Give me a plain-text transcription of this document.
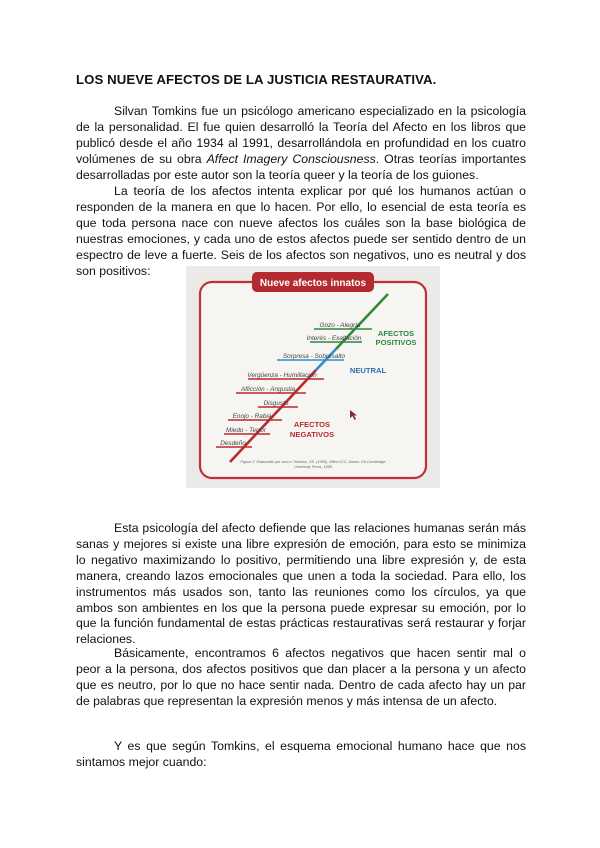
LOS NUEVE AFECTOS DE LA JUSTICIA RESTAURATIVA.

Silvan Tomkins fue un psicólogo americano especializado en la psicología de la personalidad. El fue quien desarrolló la Teoría del Afecto en los libros que publicó desde el año 1934 al 1991, desarrollándola en profundidad en los cuatro volúmenes de su obra Affect Imagery Consciousness. Otras teorías importantes desarrolladas por este autor son la teoría queer y la teoría de los guiones.

La teoría de los afectos intenta explicar por qué los humanos actúan o responden de la manera en que lo hacen. Por ello, lo esencial de esta teoría es que toda persona nace con nueve afectos los cuáles son la base biológica de nuestras emociones, y cada uno de estos afectos puede ser sentido dentro de un espectro de leve a fuerte. Seis de los afectos son negativos, uno es neutral y dos son positivos:

Nueve afectos innatos
Gozo - Alegría
Interés - Exaltación
Sorpresa - Sobresalto
Vergüenza - Humillación
Aflicción - Angustia
Disgusto
Enojo - Rabia
Miedo - Terror
Desdeño
AFECTOS
POSITIVOS
NEUTRAL
AFECTOS
NEGATIVOS
Figura 2. Elaborado por Ivoo e Tomkins, SS. (1995). Affect ICC, Annex. Ed.Cambridge
University Press, 1995

Esta psicología del afecto defiende que las relaciones humanas serán más sanas y mejores si existe una libre expresión de emoción, para esto se minimiza lo negativo maximizando lo positivo, permitiendo una libre expresión y, de esta manera, creando lazos emocionales que unen a toda la sociedad. Para ello, los instrumentos más usados son, tanto las reuniones como los círculos, ya que ambos son ambientes en los que la persona puede expresar su emoción, por lo que la función fundamental de estas prácticas restaurativas será restaurar y forjar relaciones.

Básicamente, encontramos 6 afectos negativos que hacen sentir mal o peor a la persona, dos afectos positivos que dan placer a la persona y un afecto que es neutro, por lo que no hace sentir nada. Dentro de cada afecto hay un par de palabras que representan la expresión menos y más intensa de un afecto.

Y es que según Tomkins, el esquema emocional humano hace que nos sintamos mejor cuando:
